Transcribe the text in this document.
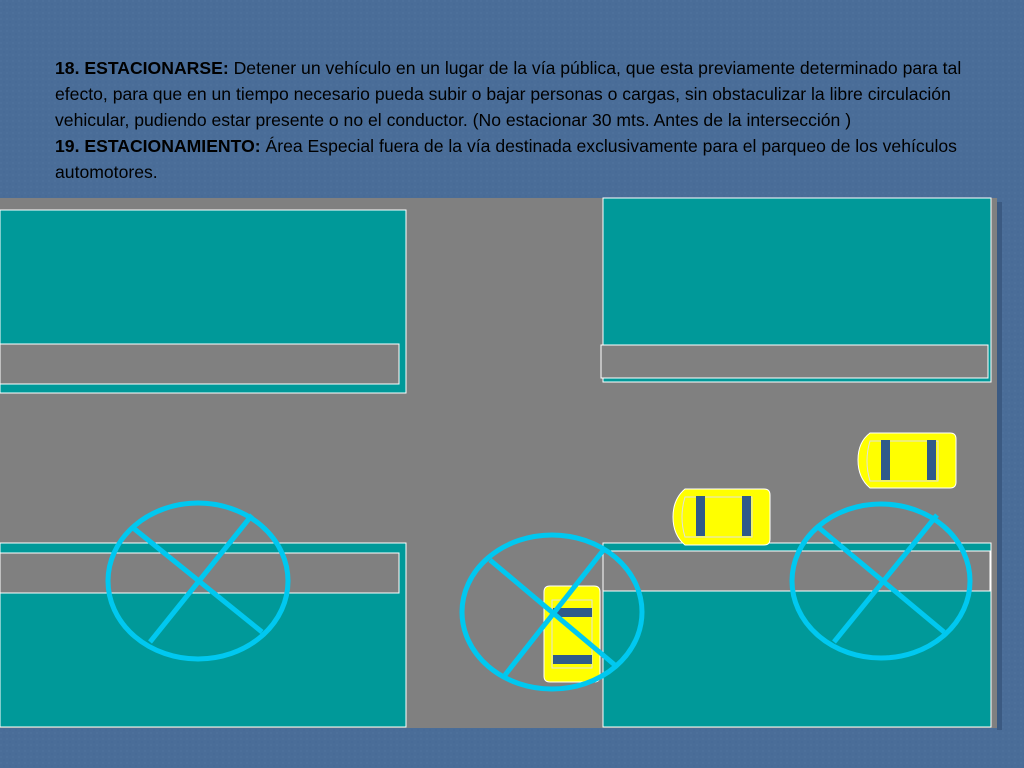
18. ESTACIONARSE: Detener un vehículo en un lugar de la vía pública, que esta previamente determinado para tal efecto, para que en un tiempo necesario pueda subir o bajar personas o cargas, sin obstaculizar la libre circulación vehicular, pudiendo estar presente o no el conductor. (No estacionar 30 mts. Antes de la intersección )

19. ESTACIONAMIENTO: Área Especial fuera de la vía destinada exclusivamente para el parqueo de los vehículos automotores.
